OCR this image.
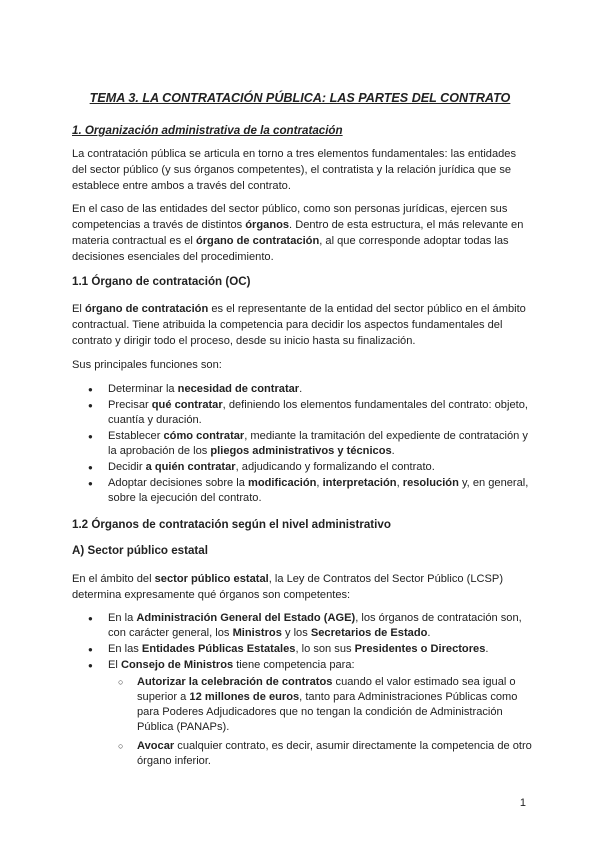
TEMA 3. LA CONTRATACIÓN PÚBLICA: LAS PARTES DEL CONTRATO
1. Organización administrativa de la contratación

La contratación pública se articula en torno a tres elementos fundamentales: las entidades del sector público (y sus órganos competentes), el contratista y la relación jurídica que se establece entre ambos a través del contrato.

En el caso de las entidades del sector público, como son personas jurídicas, ejercen sus competencias a través de distintos órganos. Dentro de esta estructura, el más relevante en materia contractual es el órgano de contratación, al que corresponde adoptar todas las decisiones esenciales del procedimiento.

1.1 Órgano de contratación (OC)

El órgano de contratación es el representante de la entidad del sector público en el ámbito contractual. Tiene atribuida la competencia para decidir los aspectos fundamentales del contrato y dirigir todo el proceso, desde su inicio hasta su finalización.

Sus principales funciones son:

● Determinar la necesidad de contratar.
● Precisar qué contratar, definiendo los elementos fundamentales del contrato: objeto, cuantía y duración.
● Establecer cómo contratar, mediante la tramitación del expediente de contratación y la aprobación de los pliegos administrativos y técnicos.
● Decidir a quién contratar, adjudicando y formalizando el contrato.
● Adoptar decisiones sobre la modificación, interpretación, resolución y, en general, sobre la ejecución del contrato.
1.2 Órganos de contratación según el nivel administrativo
A) Sector público estatal

En el ámbito del sector público estatal, la Ley de Contratos del Sector Público (LCSP) determina expresamente qué órganos son competentes:

● En la Administración General del Estado (AGE), los órganos de contratación son, con carácter general, los Ministros y los Secretarios de Estado.
● En las Entidades Públicas Estatales, lo son sus Presidentes o Directores.
● El Consejo de Ministros tiene competencia para:
○ Autorizar la celebración de contratos cuando el valor estimado sea igual o superior a 12 millones de euros, tanto para Administraciones Públicas como para Poderes Adjudicadores que no tengan la condición de Administración Pública (PANAPs).
○ Avocar cualquier contrato, es decir, asumir directamente la competencia de otro órgano inferior.
1
